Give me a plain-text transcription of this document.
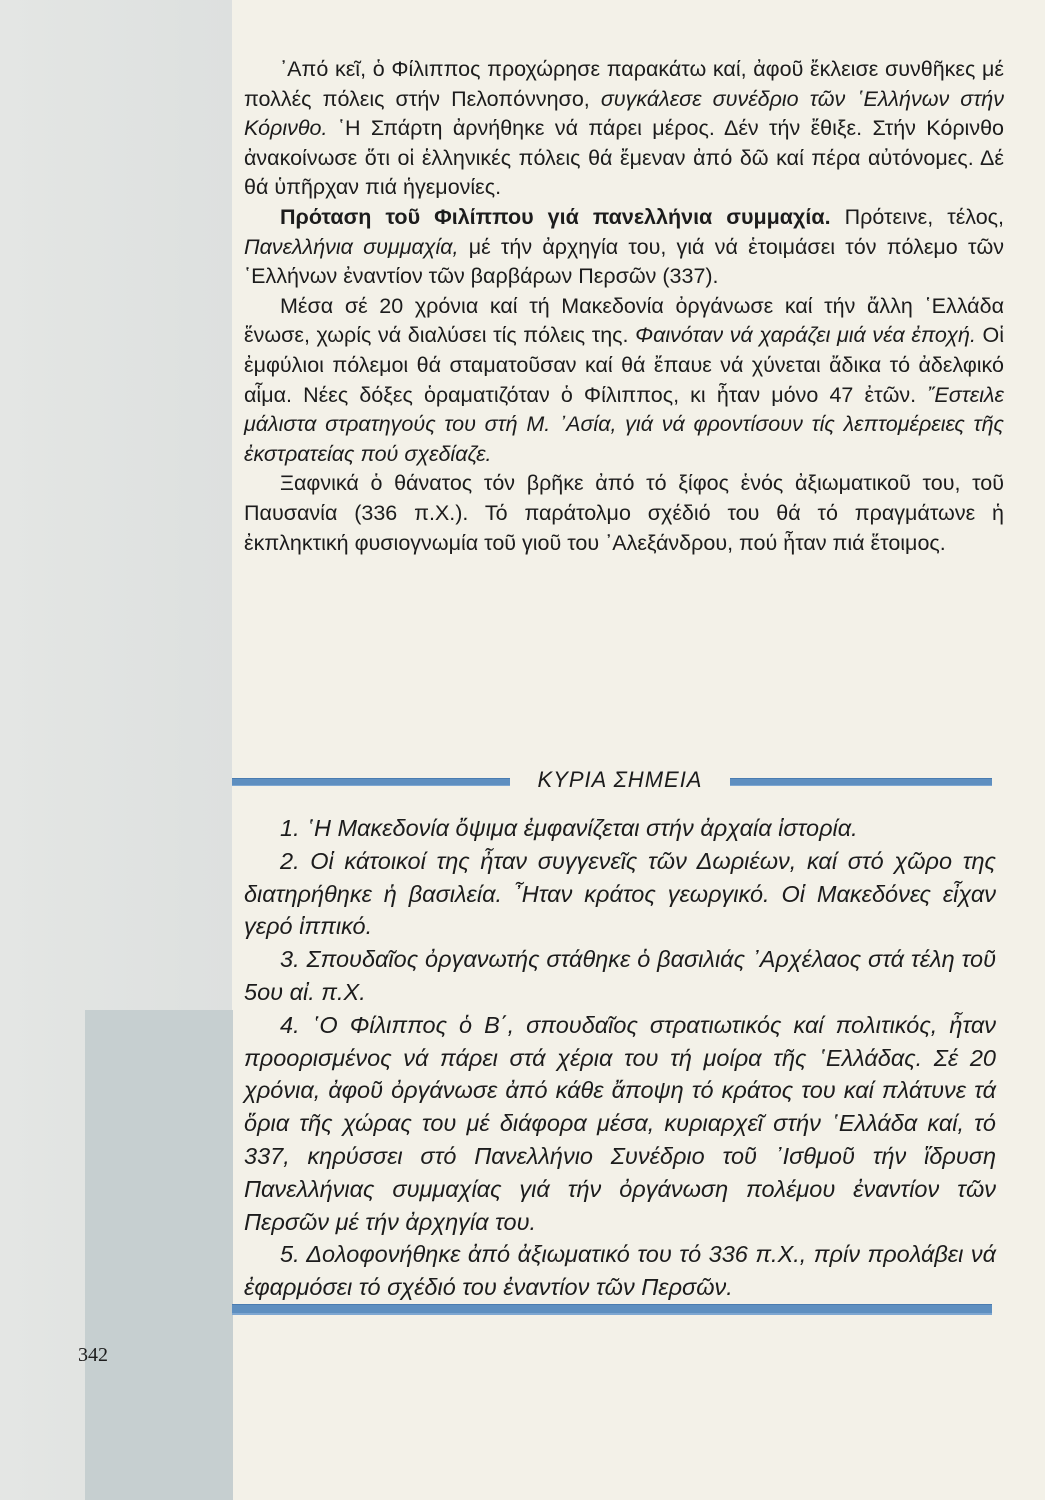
᾿Από κεῖ, ὁ Φίλιππος προχώρησε παρακάτω καί, ἀφοῦ ἔκλεισε συνθῆκες μέ πολλές πόλεις στήν Πελοπόννησο, συγκάλεσε συνέδριο τῶν ῾Ελλήνων στήν Κόρινθο. ῾Η Σπάρτη ἀρνήθηκε νά πάρει μέρος. Δέν τήν ἔθιξε. Στήν Κόρινθο ἀνακοίνωσε ὅτι οἱ ἑλληνικές πόλεις θά ἔμεναν ἀπό δῶ καί πέρα αὐτόνομες. Δέ θά ὑπῆρχαν πιά ἡγεμονίες.

Πρόταση τοῦ Φιλίππου γιά πανελλήνια συμμαχία. Πρότεινε, τέλος, Πανελλήνια συμμαχία, μέ τήν ἀρχηγία του, γιά νά ἑτοιμάσει τόν πόλεμο τῶν ῾Ελλήνων ἐναντίον τῶν βαρβάρων Περσῶν (337).

Μέσα σέ 20 χρόνια καί τή Μακεδονία ὀργάνωσε καί τήν ἄλλη ῾Ελλάδα ἕνωσε, χωρίς νά διαλύσει τίς πόλεις της. Φαινόταν νά χαράζει μιά νέα ἐποχή. Οἱ ἐμφύλιοι πόλεμοι θά σταματοῦσαν καί θά ἔπαυε νά χύνεται ἄδικα τό ἀδελφικό αἷμα. Νέες δόξες ὁραματιζόταν ὁ Φίλιππος, κι ἦταν μόνο 47 ἐτῶν. ῎Εστειλε μάλιστα στρατηγούς του στή Μ. ᾿Ασία, γιά νά φροντίσουν τίς λεπτομέρειες τῆς ἐκστρατείας πού σχεδίαζε.

Ξαφνικά ὁ θάνατος τόν βρῆκε ἀπό τό ξίφος ἑνός ἀξιωματικοῦ του, τοῦ Παυσανία (336 π.Χ.). Τό παράτολμο σχέδιό του θά τό πραγμάτωνε ἡ ἐκπληκτική φυσιογνωμία τοῦ γιοῦ του ᾿Αλεξάνδρου, πού ἦταν πιά ἕτοιμος.

ΚΥΡΙΑ ΣΗΜΕΙΑ

1. ῾Η Μακεδονία ὄψιμα ἐμφανίζεται στήν ἀρχαία ἱστορία.

2. Οἱ κάτοικοί της ἦταν συγγενεῖς τῶν Δωριέων, καί στό χῶρο της διατηρήθηκε ἡ βασιλεία. ῏Ηταν κράτος γεωργικό. Οἱ Μακεδόνες εἶχαν γερό ἱππικό.

3. Σπουδαῖος ὀργανωτής στάθηκε ὁ βασιλιάς ᾿Αρχέλαος στά τέλη τοῦ 5ου αἰ. π.Χ.

4. ῾Ο Φίλιππος ὁ Β΄, σπουδαῖος στρατιωτικός καί πολιτικός, ἦταν προορισμένος νά πάρει στά χέρια του τή μοίρα τῆς ῾Ελλάδας. Σέ 20 χρόνια, ἀφοῦ ὀργάνωσε ἀπό κάθε ἄποψη τό κράτος του καί πλάτυνε τά ὅρια τῆς χώρας του μέ διάφορα μέσα, κυριαρχεῖ στήν ῾Ελλάδα καί, τό 337, κηρύσσει στό Πανελλήνιο Συνέδριο τοῦ ᾿Ισθμοῦ τήν ἵδρυση Πανελλήνιας συμμαχίας γιά τήν ὀργάνωση πολέμου ἐναντίον τῶν Περσῶν μέ τήν ἀρχηγία του.

5. Δολοφονήθηκε ἀπό ἀξιωματικό του τό 336 π.Χ., πρίν προλάβει νά ἐφαρμόσει τό σχέδιό του ἐναντίον τῶν Περσῶν.

342
